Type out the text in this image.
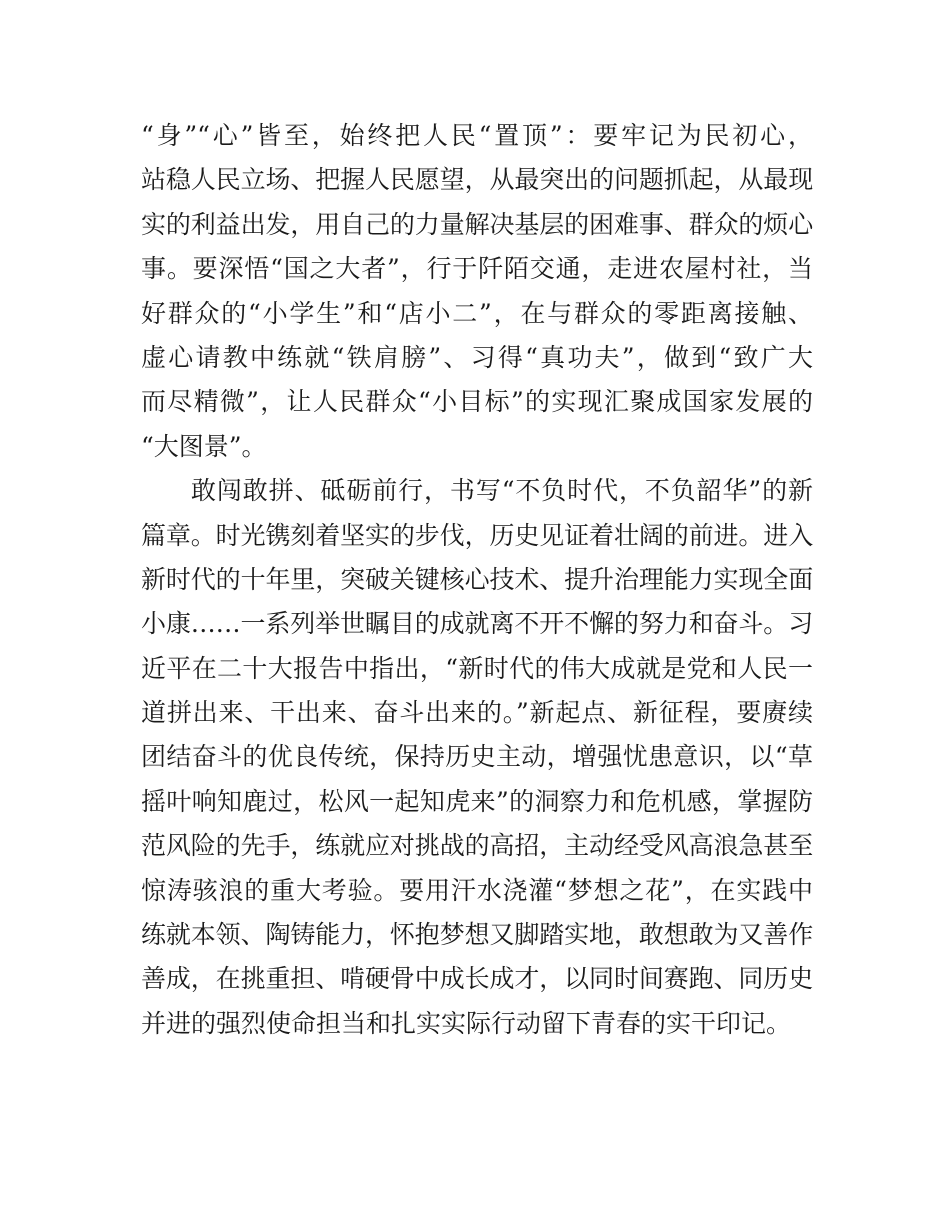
“身”“心”皆至，始终把人民“置顶”：要牢记为民初心，
站稳人民立场、把握人民愿望，从最突出的问题抓起，从最现
实的利益出发，用自己的力量解决基层的困难事、群众的烦心
事。要深悟“国之大者”，行于阡陌交通，走进农屋村社，当
好群众的“小学生”和“店小二”，在与群众的零距离接触、
虚心请教中练就“铁肩膀”、习得“真功夫”，做到“致广大
而尽精微”，让人民群众“小目标”的实现汇聚成国家发展的
“大图景”。
敢闯敢拼、砥砺前行，书写“不负时代，不负韶华”的新
篇章。时光镌刻着坚实的步伐，历史见证着壮阔的前进。进入
新时代的十年里，突破关键核心技术、提升治理能力实现全面
小康……一系列举世瞩目的成就离不开不懈的努力和奋斗。习
近平在二十大报告中指出，“新时代的伟大成就是党和人民一
道拼出来、干出来、奋斗出来的。”新起点、新征程，要赓续
团结奋斗的优良传统，保持历史主动，增强忧患意识，以“草
摇叶响知鹿过，松风一起知虎来”的洞察力和危机感，掌握防
范风险的先手，练就应对挑战的高招，主动经受风高浪急甚至
惊涛骇浪的重大考验。要用汗水浇灌“梦想之花”，在实践中
练就本领、陶铸能力，怀抱梦想又脚踏实地，敢想敢为又善作
善成，在挑重担、啃硬骨中成长成才，以同时间赛跑、同历史
并进的强烈使命担当和扎实实际行动留下青春的实干印记。
